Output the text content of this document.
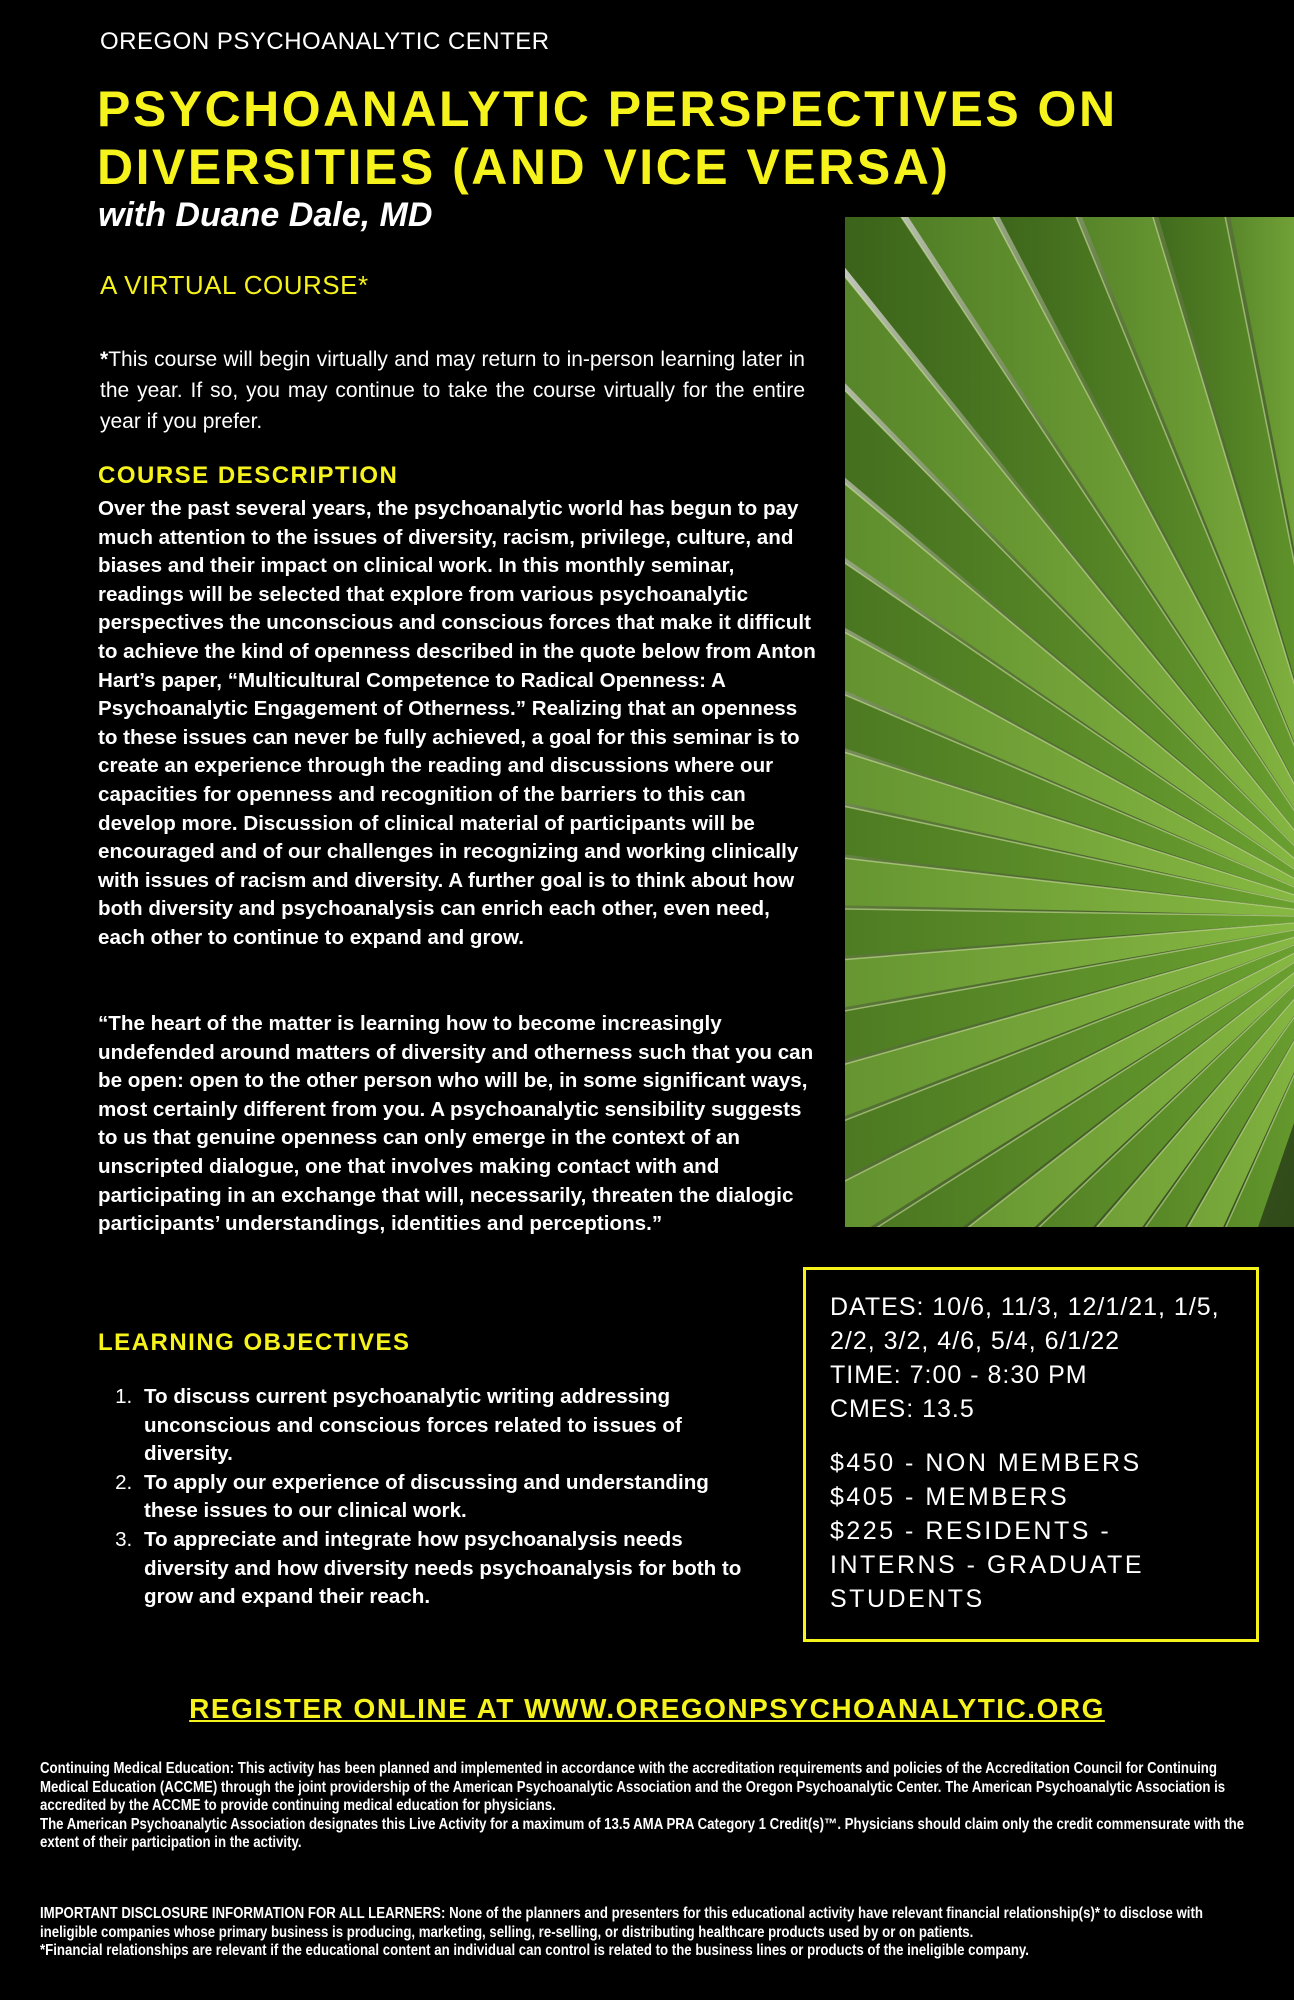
OREGON PSYCHOANALYTIC CENTER
PSYCHOANALYTIC PERSPECTIVES ON DIVERSITIES (AND VICE VERSA)
with Duane Dale, MD
A VIRTUAL COURSE*
*This course will begin virtually and may return to in-person learning later in the year. If so, you may continue to take the course virtually for the entire year if you prefer.
COURSE DESCRIPTION
Over the past several years, the psychoanalytic world has begun to pay much attention to the issues of diversity, racism, privilege, culture, and biases and their impact on clinical work. In this monthly seminar, readings will be selected that explore from various psychoanalytic perspectives the unconscious and conscious forces that make it difficult to achieve the kind of openness described in the quote below from Anton Hart’s paper, “Multicultural Competence to Radical Openness: A Psychoanalytic Engagement of Otherness.” Realizing that an openness to these issues can never be fully achieved, a goal for this seminar is to create an experience through the reading and discussions where our capacities for openness and recognition of the barriers to this can develop more. Discussion of clinical material of participants will be encouraged and of our challenges in recognizing and working clinically with issues of racism and diversity. A further goal is to think about how both diversity and psychoanalysis can enrich each other, even need, each other to continue to expand and grow.
“The heart of the matter is learning how to become increasingly undefended around matters of diversity and otherness such that you can be open: open to the other person who will be, in some significant ways, most certainly different from you. A psychoanalytic sensibility suggests to us that genuine openness can only emerge in the context of an unscripted dialogue, one that involves making contact with and participating in an exchange that will, necessarily, threaten the dialogic participants’ understandings, identities and perceptions.”
LEARNING OBJECTIVES
1. To discuss current psychoanalytic writing addressing unconscious and conscious forces related to issues of diversity.
2. To apply our experience of discussing and understanding these issues to our clinical work.
3. To appreciate and integrate how psychoanalysis needs diversity and how diversity needs psychoanalysis for both to grow and expand their reach.
DATES: 10/6, 11/3, 12/1/21, 1/5, 2/2, 3/2, 4/6, 5/4, 6/1/22
TIME: 7:00 - 8:30 PM
CMES: 13.5
$450 - NON MEMBERS
$405 - MEMBERS
$225 - RESIDENTS - INTERNS - GRADUATE STUDENTS
REGISTER ONLINE AT WWW.OREGONPSYCHOANALYTIC.ORG
Continuing Medical Education: This activity has been planned and implemented in accordance with the accreditation requirements and policies of the Accreditation Council for Continuing Medical Education (ACCME) through the joint providership of the American Psychoanalytic Association and the Oregon Psychoanalytic Center. The American Psychoanalytic Association is accredited by the ACCME to provide continuing medical education for physicians.
The American Psychoanalytic Association designates this Live Activity for a maximum of 13.5 AMA PRA Category 1 Credit(s)™. Physicians should claim only the credit commensurate with the extent of their participation in the activity.
IMPORTANT DISCLOSURE INFORMATION FOR ALL LEARNERS: None of the planners and presenters for this educational activity have relevant financial relationship(s)* to disclose with ineligible companies whose primary business is producing, marketing, selling, re-selling, or distributing healthcare products used by or on patients.
*Financial relationships are relevant if the educational content an individual can control is related to the business lines or products of the ineligible company.
